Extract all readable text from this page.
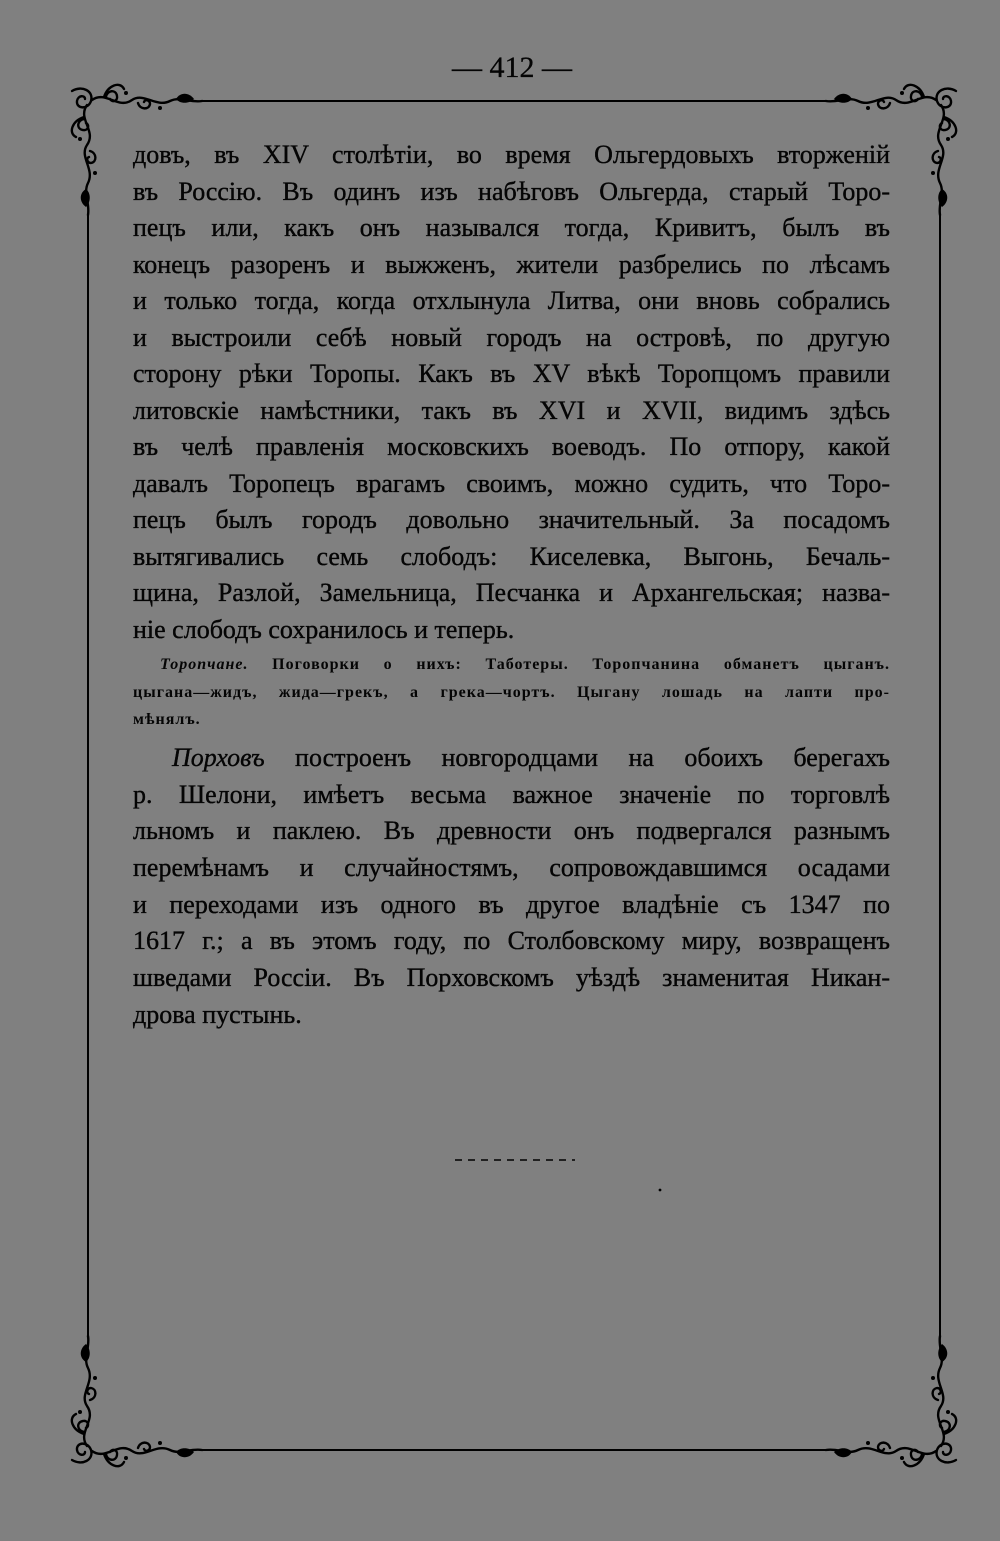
— 412 —
довъ, въ XIV столѣтіи, во время Ольгердовыхъ вторженій
въ Россію. Въ одинъ изъ набѣговъ Ольгерда, старый Торо-
пецъ или, какъ онъ назывался тогда, Кривитъ, былъ въ
конецъ разоренъ и выжженъ, жители разбрелись по лѣсамъ
и только тогда, когда отхлынула Литва, они вновь собрались
и выстроили себѣ новый городъ на островѣ, по другую
сторону рѣки Торопы. Какъ въ XV вѣкѣ Торопцомъ правили
литовскіе намѣстники, такъ въ XVI и XVII, видимъ здѣсь
въ челѣ правленія московскихъ воеводъ. По отпору, какой
давалъ Торопецъ врагамъ своимъ, можно судить, что Торо-
пецъ былъ городъ довольно значительный. За посадомъ
вытягивались семь слободъ: Киселевка, Выгонь, Бечаль-
щина, Разлой, Замельница, Песчанка и Архангельская; назва-
ніе слободъ сохранилось и теперь.
Торопчане. Поговорки о нихъ: Таботеры. Торопчанина обманетъ цыганъ.
цыгана—жидъ, жида—грекъ, а грека—чортъ. Цыгану лошадь на лапти про-
мѣнялъ.
Порховъ построенъ новгородцами на обоихъ берегахъ
р. Шелони, имѣетъ весьма важное значеніе по торговлѣ
льномъ и паклею. Въ древности онъ подвергался разнымъ
перемѣнамъ и случайностямъ, сопровождавшимся осадами
и переходами изъ одного въ другое владѣніе съ 1347 по
1617 г.; а въ этомъ году, по Столбовскому миру, возвращенъ
шведами Россіи. Въ Порховскомъ уѣздѣ знаменитая Никан-
дрова пустынь.
